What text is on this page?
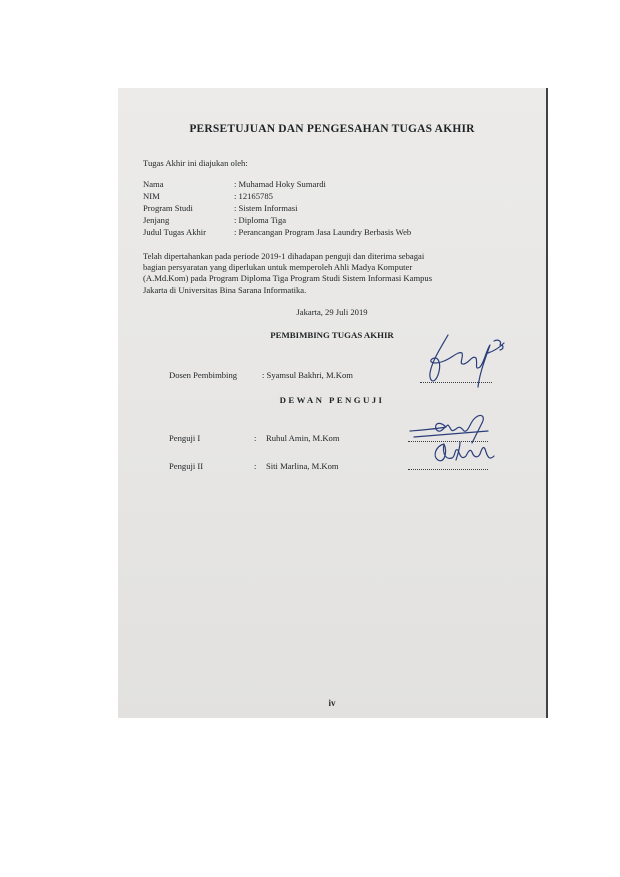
PERSETUJUAN DAN PENGESAHAN TUGAS AKHIR
Tugas Akhir ini diajukan oleh:
Nama	: Muhamad Hoky Sumardi
NIM	: 12165785
Program Studi	: Sistem Informasi
Jenjang	: Diploma Tiga
Judul Tugas Akhir	: Perancangan Program Jasa Laundry Berbasis Web

Telah dipertahankan pada periode 2019-1 dihadapan penguji dan diterima sebagai

bagian persyaratan yang diperlukan untuk memperoleh Ahli Madya Komputer

(A.Md.Kom) pada Program Diploma Tiga Program Studi Sistem Informasi Kampus

Jakarta di Universitas Bina Sarana Informatika.

Jakarta, 29 Juli 2019
PEMBIMBING TUGAS AKHIR
Dosen Pembimbing	: Syamsul Bakhri, M.Kom
DEWAN PENGUJI
Penguji I	: Ruhul Amin, M.Kom
Penguji II	: Siti Marlina, M.Kom
iv
